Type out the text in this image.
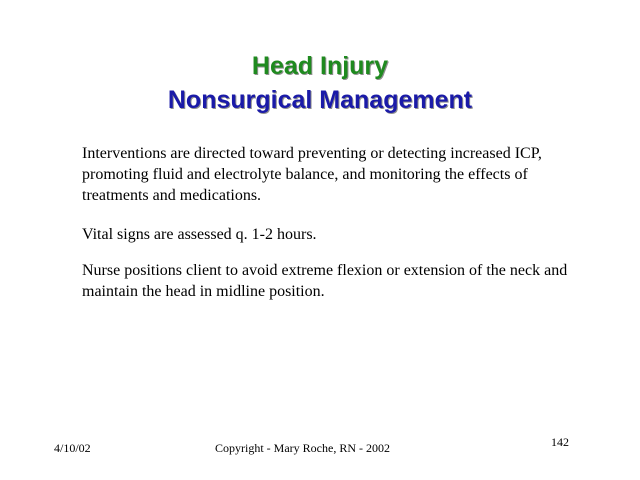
Head Injury
Nonsurgical Management
Interventions are directed toward preventing or detecting increased ICP, promoting fluid and electrolyte balance, and monitoring the effects of treatments and medications.
Vital signs are assessed q. 1-2 hours.
Nurse positions client to avoid extreme flexion or extension of the neck and maintain the head in midline position.
4/10/02	Copyright - Mary Roche, RN - 2002	142
